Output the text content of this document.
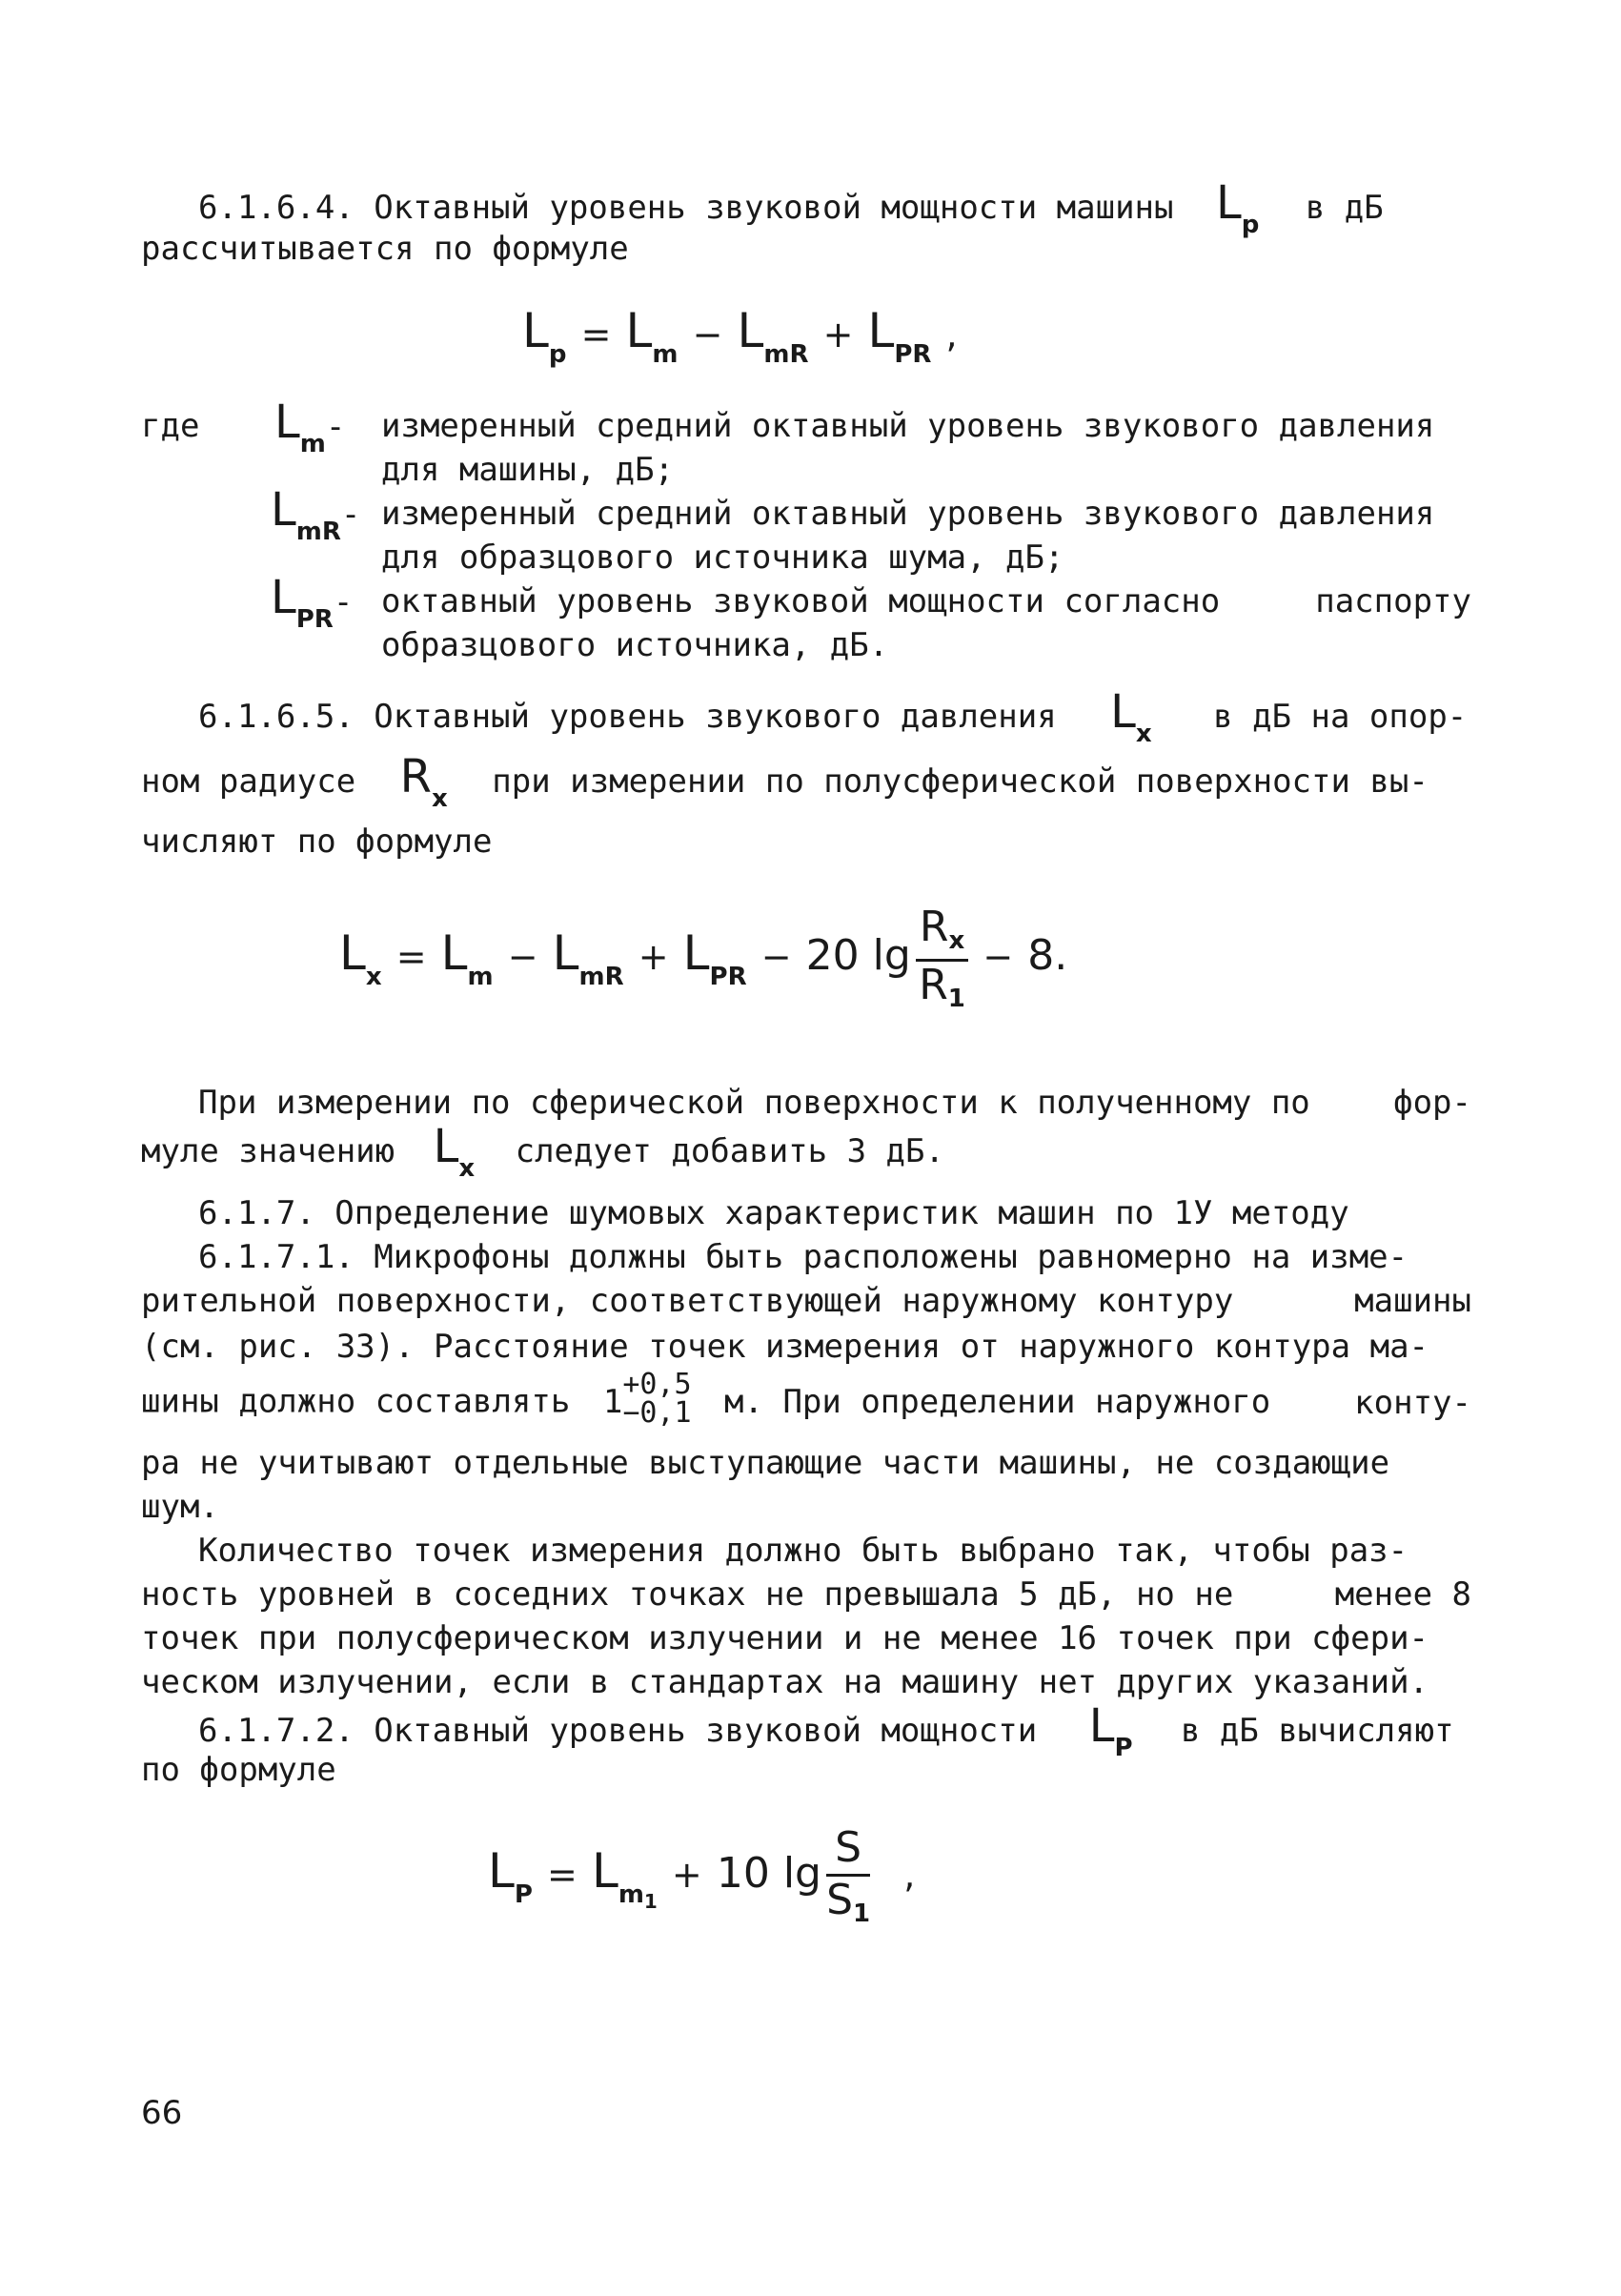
6.1.6.4. Октавный уровень звуковой мощности машины $L_p$ в дБ
рассчитывается по формуле
Lp = Lm − LmR + LPR ,
где $L_m-$ измеренный средний октавный уровень звукового давления
для машины, дБ;
$L_{mR}-$ измеренный средний октавный уровень звукового давления
для образцового источника шума, дБ;
$L_{PR}-$ октавный уровень звуковой мощности согласно	паспорту
образцового источника, дБ.
6.1.6.5. Октавный уровень звукового давления $L_x$ в дБ на опор-
ном радиусе $R_x$ при измерении по полусферической поверхности вы-
числяют по формуле
Lx = Lm − LmR + LPR − 20 $\lg \frac{Rx}{R1} - 8$.
При измерении по сферической поверхности к полученному по	фор-
муле значению $L_x$ следует добавить 3 дБ.
6.1.7. Определение шумовых характеристик машин по 1У методу
6.1.7.1. Микрофоны должны быть расположены равномерно на изме-
рительной поверхности, соответствующей наружному контуру	машины
(см. рис. 33). Расстояние точек измерения от наружного контура ма-
шины должно составлять 1 +0,5
−0,1 м. При определении наружного	конту-
ра не учитывают отдельные выступающие части машины, не создающие
шум.
Количество точек измерения должно быть выбрано так, чтобы раз-
ность уровней в соседних точках не превышала 5 дБ, но не	менее 8
точек при полусферическом излучении и не менее 16 точек при сфери-
ческом излучении, если в стандартах на машину нет других указаний.
6.1.7.2. Октавный уровень звуковой мощности $L_P$ в дБ вычисляют
по формуле
LP = Lm1 + 10 $\lg \frac{S}{S1}$ ,
66
